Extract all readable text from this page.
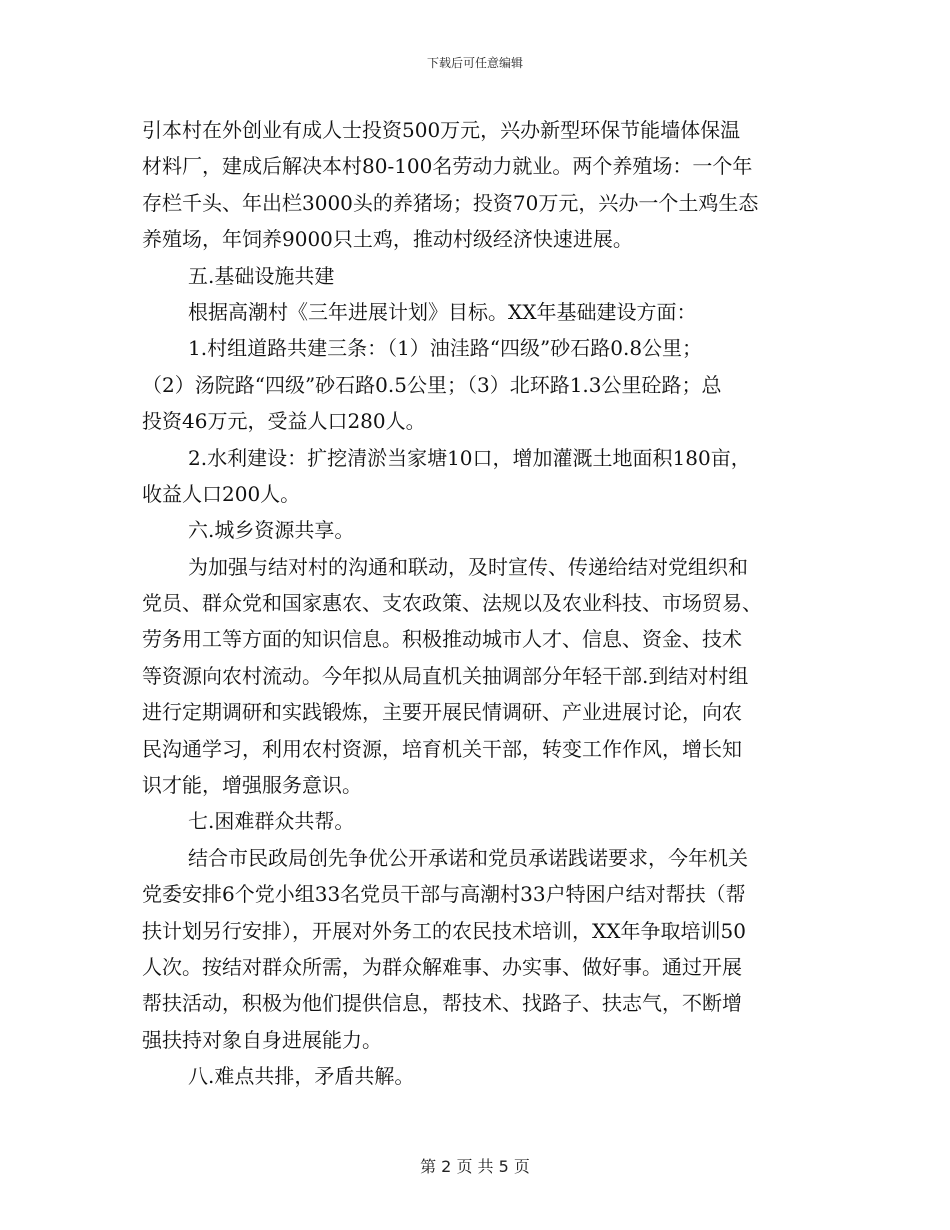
下载后可任意编辑
引本村在外创业有成人士投资500万元，兴办新型环保节能墙体保温
材料厂，建成后解决本村80-100名劳动力就业。两个养殖场：一个年
存栏千头、年出栏3000头的养猪场；投资70万元，兴办一个土鸡生态
养殖场，年饲养9000只土鸡，推动村级经济快速进展。
五.基础设施共建
根据高潮村《三年进展计划》目标。XX年基础建设方面：
1.村组道路共建三条：（1）油洼路“四级”砂石路0.8公里；
（2）汤院路“四级”砂石路0.5公里；（3）北环路1.3公里砼路；总
投资46万元，受益人口280人。
2.水利建设：扩挖清淤当家塘10口，增加灌溉土地面积180亩，
收益人口200人。
六.城乡资源共享。
为加强与结对村的沟通和联动，及时宣传、传递给结对党组织和
党员、群众党和国家惠农、支农政策、法规以及农业科技、市场贸易、
劳务用工等方面的知识信息。积极推动城市人才、信息、资金、技术
等资源向农村流动。今年拟从局直机关抽调部分年轻干部.到结对村组
进行定期调研和实践锻炼，主要开展民情调研、产业进展讨论，向农
民沟通学习，利用农村资源，培育机关干部，转变工作作风，增长知
识才能，增强服务意识。
七.困难群众共帮。
结合市民政局创先争优公开承诺和党员承诺践诺要求，今年机关
党委安排6个党小组33名党员干部与高潮村33户特困户结对帮扶（帮
扶计划另行安排），开展对外务工的农民技术培训，XX年争取培训50
人次。按结对群众所需，为群众解难事、办实事、做好事。通过开展
帮扶活动，积极为他们提供信息，帮技术、找路子、扶志气，不断增
强扶持对象自身进展能力。
八.难点共排，矛盾共解。
第 2 页 共 5 页
